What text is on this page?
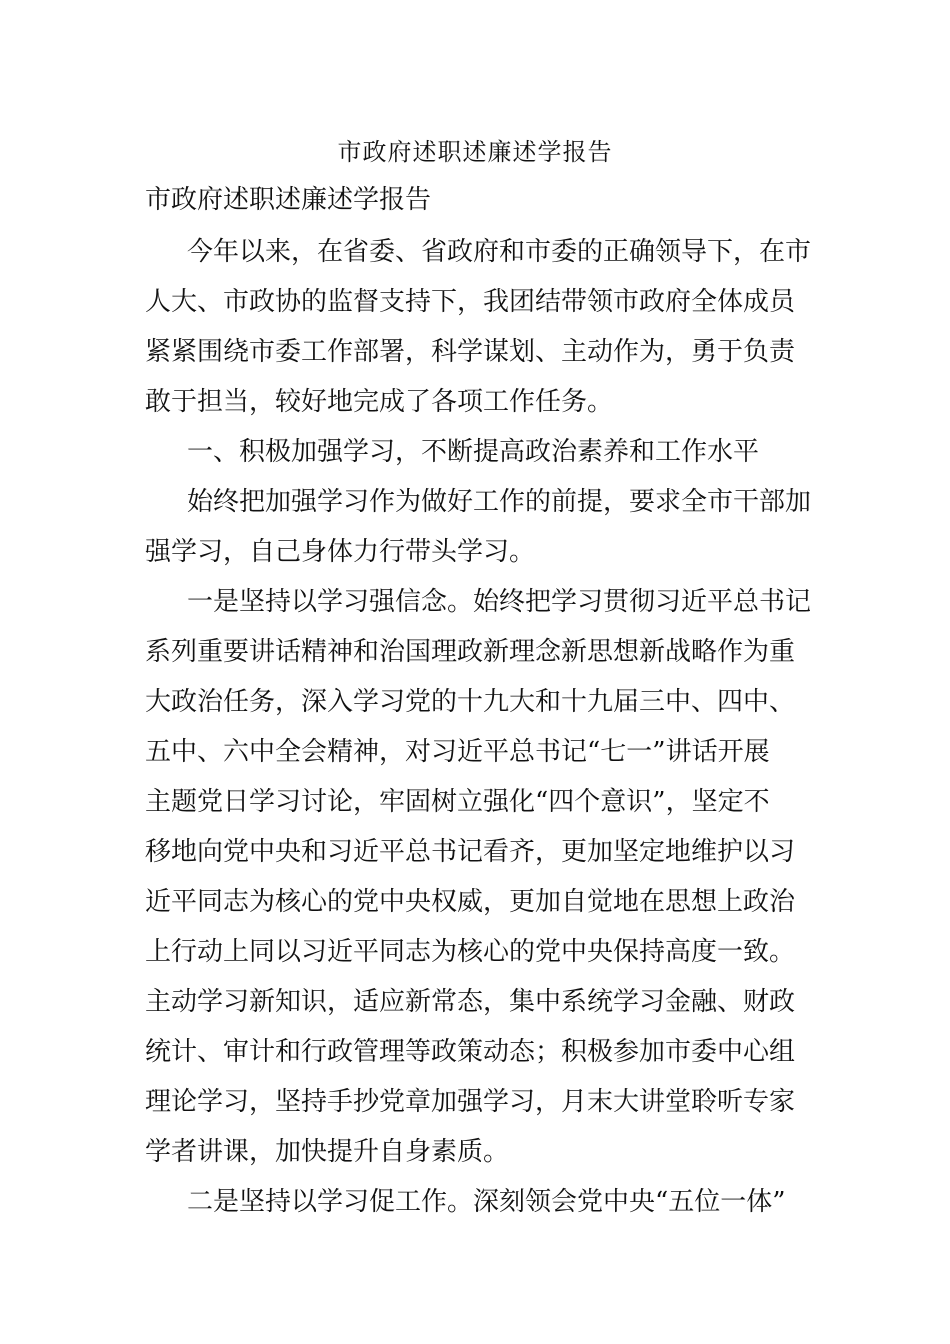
市政府述职述廉述学报告

市政府述职述廉述学报告

今年以来，在省委、省政府和市委的正确领导下，在市

人大、市政协的监督支持下，我团结带领市政府全体成员

紧紧围绕市委工作部署，科学谋划、主动作为，勇于负责

敢于担当，较好地完成了各项工作任务。

一、积极加强学习，不断提高政治素养和工作水平

始终把加强学习作为做好工作的前提，要求全市干部加

强学习，自己身体力行带头学习。

一是坚持以学习强信念。始终把学习贯彻习近平总书记

系列重要讲话精神和治国理政新理念新思想新战略作为重

大政治任务，深入学习党的十九大和十九届三中、四中、

五中、六中全会精神，对习近平总书记“七一”讲话开展

主题党日学习讨论，牢固树立强化“四个意识”，坚定不

移地向党中央和习近平总书记看齐，更加坚定地维护以习

近平同志为核心的党中央权威，更加自觉地在思想上政治

上行动上同以习近平同志为核心的党中央保持高度一致。

主动学习新知识，适应新常态，集中系统学习金融、财政

统计、审计和行政管理等政策动态；积极参加市委中心组

理论学习，坚持手抄党章加强学习，月末大讲堂聆听专家

学者讲课，加快提升自身素质。

二是坚持以学习促工作。深刻领会党中央“五位一体”
